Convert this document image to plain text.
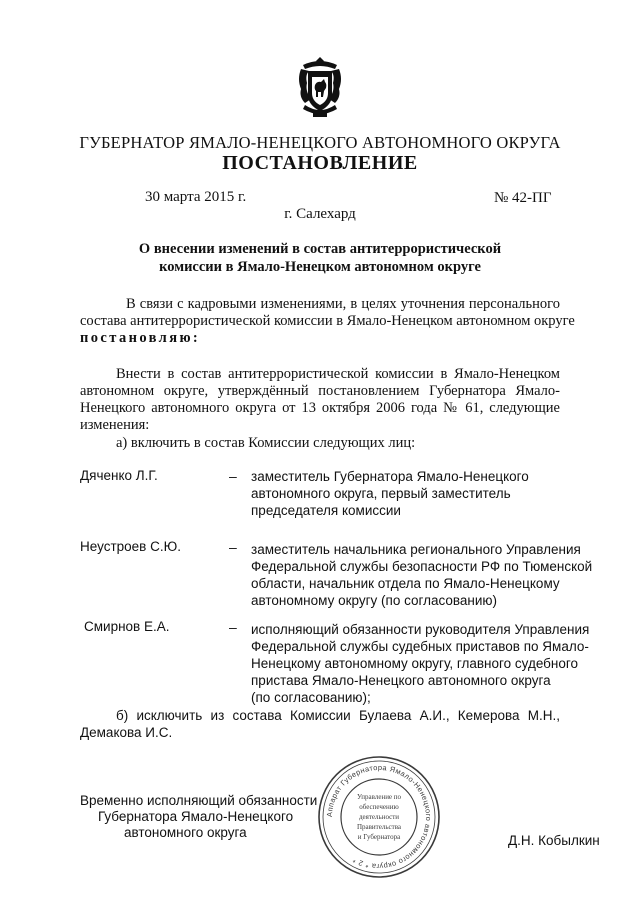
ГУБЕРНАТОР ЯМАЛО-НЕНЕЦКОГО АВТОНОМНОГО ОКРУГА
ПОСТАНОВЛЕНИЕ
30 марта 2015 г.	№ 42-ПГ
г. Салехард
О внесении изменений в состав антитеррористической
комиссии в Ямало-Ненецком автономном округе
В связи с кадровыми изменениями, в целях уточнения персонального
состава антитеррористической комиссии в Ямало-Ненецком автономном округе
постановляю:
Внести в состав антитеррористической комиссии в Ямало-Ненецком
автономном округе, утверждённый постановлением Губернатора Ямало-
Ненецкого автономного округа от 13 октября 2006 года № 61, следующие
изменения:
а) включить в состав Комиссии следующих лиц:
Дяченко Л.Г.	– заместитель Губернатора Ямало-Ненецкого
автономного округа, первый заместитель
председателя комиссии
Неустроев С.Ю.	– заместитель начальника регионального Управления
Федеральной службы безопасности РФ по Тюменской
области, начальник отдела по Ямало-Ненецкому
автономному округу (по согласованию)
Смирнов Е.А.	– исполняющий обязанности руководителя Управления
Федеральной службы судебных приставов по Ямало-
Ненецкому автономному округу, главного судебного
пристава Ямало-Ненецкого автономного округа
(по согласованию);
б) исключить из состава Комиссии Булаева А.И., Кемерова М.Н.,
Демакова И.С.
Аппарат Губернатора Ямало-Ненецкого автономного округа * 2 *
Управление по
обеспечению
деятельности
Правительства
и Губернатора
Временно исполняющий обязанности
Губернатора Ямало-Ненецкого
автономного округа
Д.Н. Кобылкин
